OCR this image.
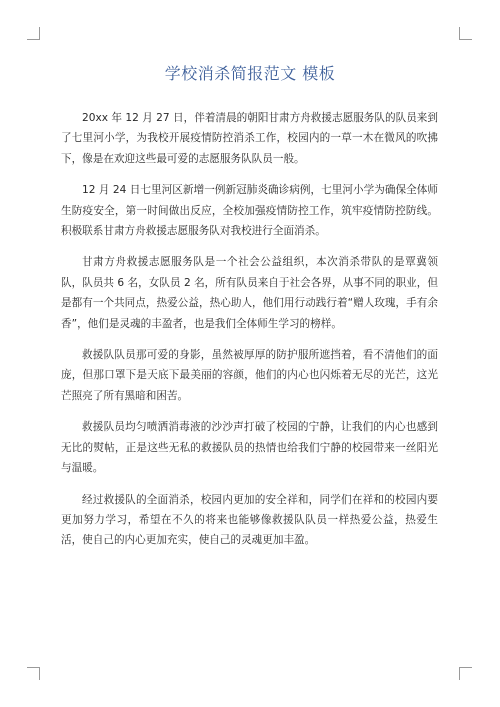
学校消杀简报范文 模板

20xx 年 12 月 27 日，伴着清晨的朝阳甘肃方舟救援志愿服务队的队员来到了七里河小学，为我校开展疫情防控消杀工作，校园内的一草一木在微风的吹拂下，像是在欢迎这些最可爱的志愿服务队队员一般。

12 月 24 日七里河区新增一例新冠肺炎确诊病例，七里河小学为确保全体师生防疫安全，第一时间做出反应，全校加强疫情防控工作，筑牢疫情防控防线。积极联系甘肃方舟救援志愿服务队对我校进行全面消杀。

甘肃方舟救援志愿服务队是一个社会公益组织，本次消杀带队的是覃冀领队，队员共 6 名，女队员 2 名，所有队员来自于社会各界，从事不同的职业，但是都有一个共同点，热爱公益，热心助人，他们用行动践行着“赠人玫瑰，手有余香”，他们是灵魂的丰盈者，也是我们全体师生学习的榜样。

救援队队员那可爱的身影，虽然被厚厚的防护服所遮挡着，看不清他们的面庞，但那口罩下是天底下最美丽的容颜，他们的内心也闪烁着无尽的光芒，这光芒照亮了所有黑暗和困苦。

救援队员均匀喷洒消毒液的沙沙声打破了校园的宁静，让我们的内心也感到无比的熨帖，正是这些无私的救援队员的热情也给我们宁静的校园带来一丝阳光与温暖。

经过救援队的全面消杀，校园内更加的安全祥和，同学们在祥和的校园内要更加努力学习，希望在不久的将来也能够像救援队队员一样热爱公益，热爱生活，使自己的内心更加充实，使自己的灵魂更加丰盈。
